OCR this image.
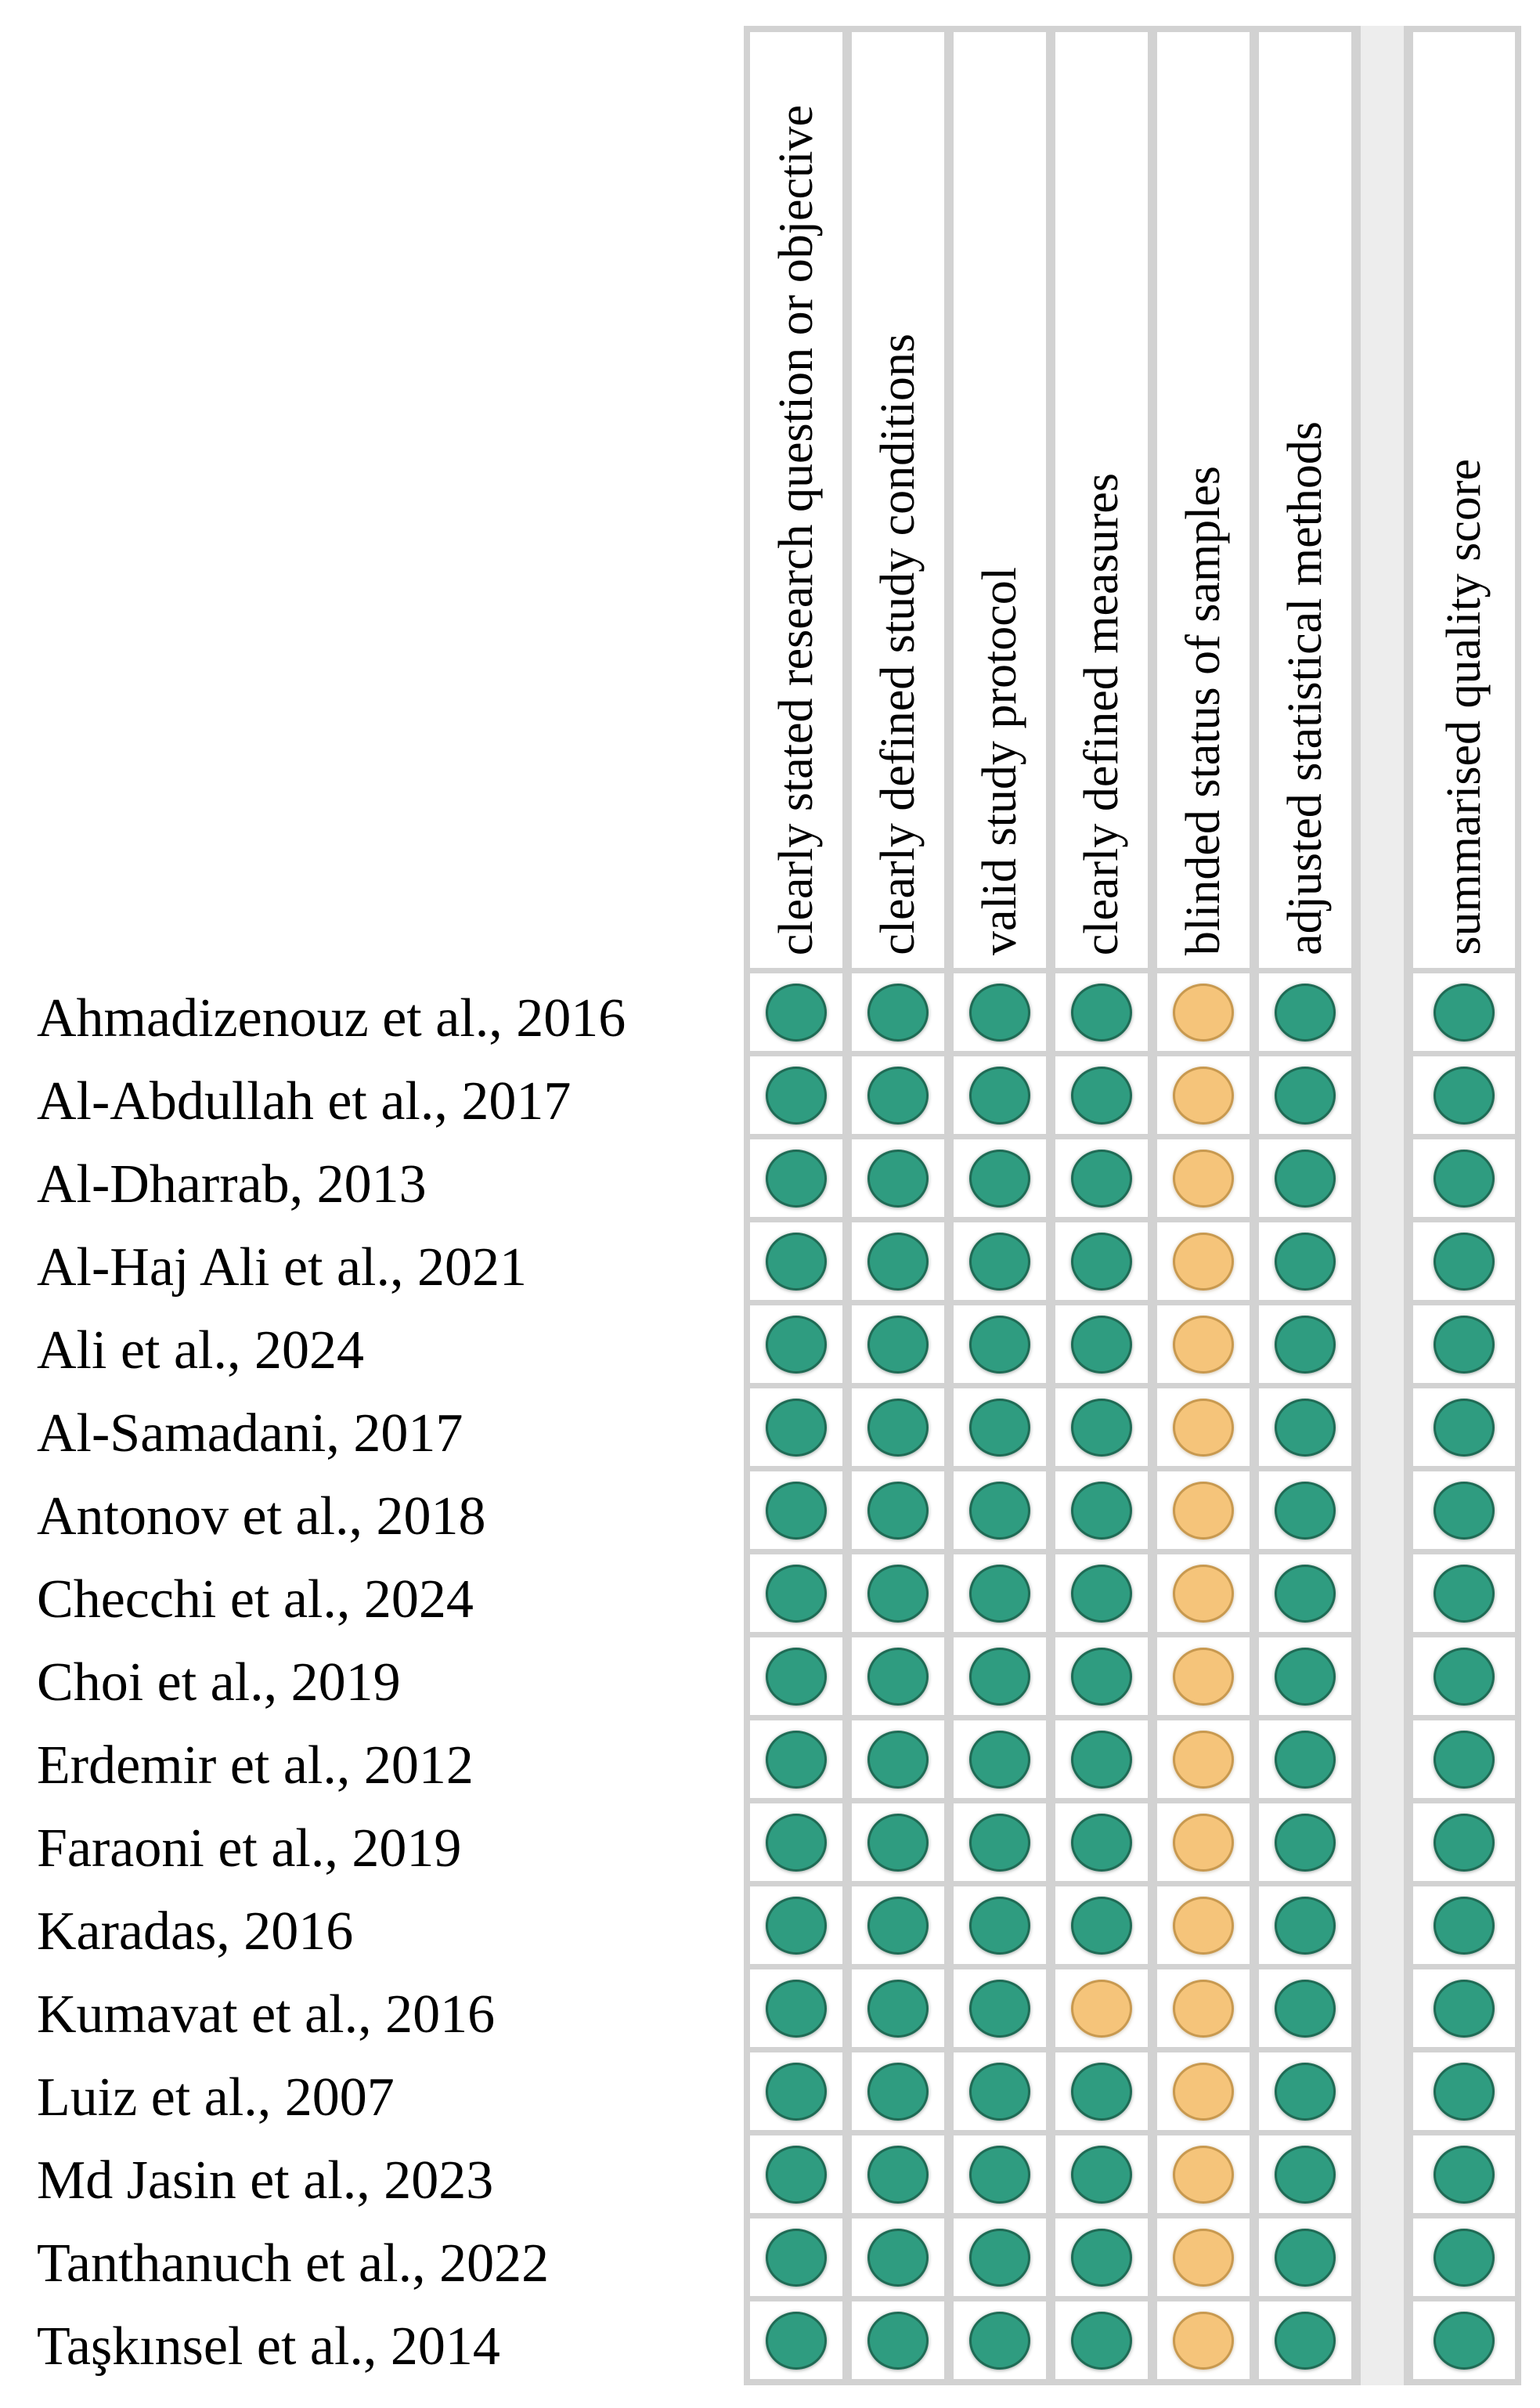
Ahmadizenouz et al., 2016
Al-Abdullah et al., 2017
Al-Dharrab, 2013
Al-Haj Ali et al., 2021
Ali et al., 2024
Al-Samadani, 2017
Antonov et al., 2018
Checchi et al., 2024
Choi et al., 2019
Erdemir et al., 2012
Faraoni et al., 2019
Karadas, 2016
Kumavat et al., 2016
Luiz et al., 2007
Md Jasin et al., 2023
Tanthanuch et al., 2022
Taşkınsel et al., 2014
clearly stated research question or objective clearly defined study conditions valid study protocol clearly defined measures blinded status of samples adjusted statistical methods summarised quality score
